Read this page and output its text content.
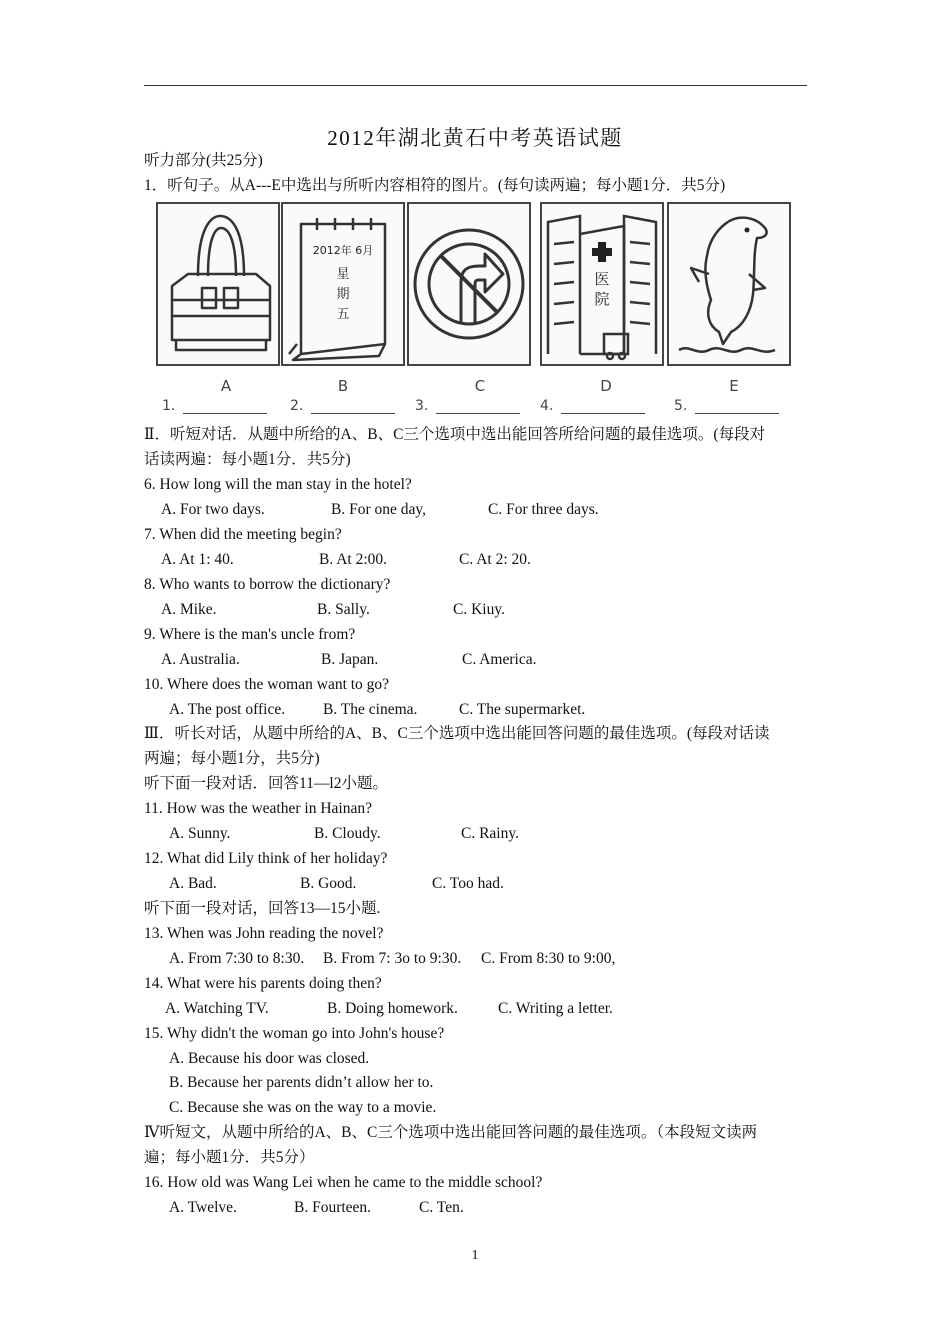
2012年湖北黄石中考英语试题
听力部分(共25分)
1．听句子。从A---E中选出与所听内容相符的图片。(每句读两遍；每小题1分．共5分)
2012年 6月
星
期
五
医
院
A	B	C	D	E
1.	2.	3.	4.	5.
Ⅱ．听短对话．从题中所给的A、B、C三个选项中选出能回答所给问题的最佳选项。(每段对
话读两遍：每小题1分．共5分)
6. How long will the man stay in the hotel?
A. For two days.	B. For one day,	C. For three days.
7. When did the meeting begin?
A. At 1: 40.	B. At 2:00.	C. At 2: 20.
8. Who wants to borrow the dictionary?
A. Mike.	B. Sally.	C. Kiuy.
9. Where is the man's uncle from?
A. Australia.	B. Japan.	C. America.
10. Where does the woman want to go?
A. The post office. B. The cinema.	C. The supermarket.
Ⅲ．听长对话，从题中所给的A、B、C三个选项中选出能回答问题的最佳选项。(每段对话读
两遍；每小题1分，共5分)
听下面一段对话．回答11—l2小题。
11. How was the weather in Hainan?
A. Sunny.	B. Cloudy.	C. Rainy.
12. What did Lily think of her holiday?
A. Bad.	B. Good.	C. Too had.
听下面一段对话，回答13—15小题.
13. When was John reading the novel?
A. From 7:30 to 8:30. B. From 7: 3o to 9:30. C. From 8:30 to 9:00,
14. What were his parents doing then?
A. Watching TV.	B. Doing homework.	C. Writing a letter.
15. Why didn't the woman go into John's house?
A. Because his door was closed.
B. Because her parents didn’t allow her to.
C. Because she was on the way to a movie.
Ⅳ听短文，从题中所给的A、B、C三个选项中选出能回答问题的最佳选项。（本段短文读两
遍；每小题1分．共5分）
16. How old was Wang Lei when he came to the middle school?
A. Twelve.	B. Fourteen.	C. Ten.
1
